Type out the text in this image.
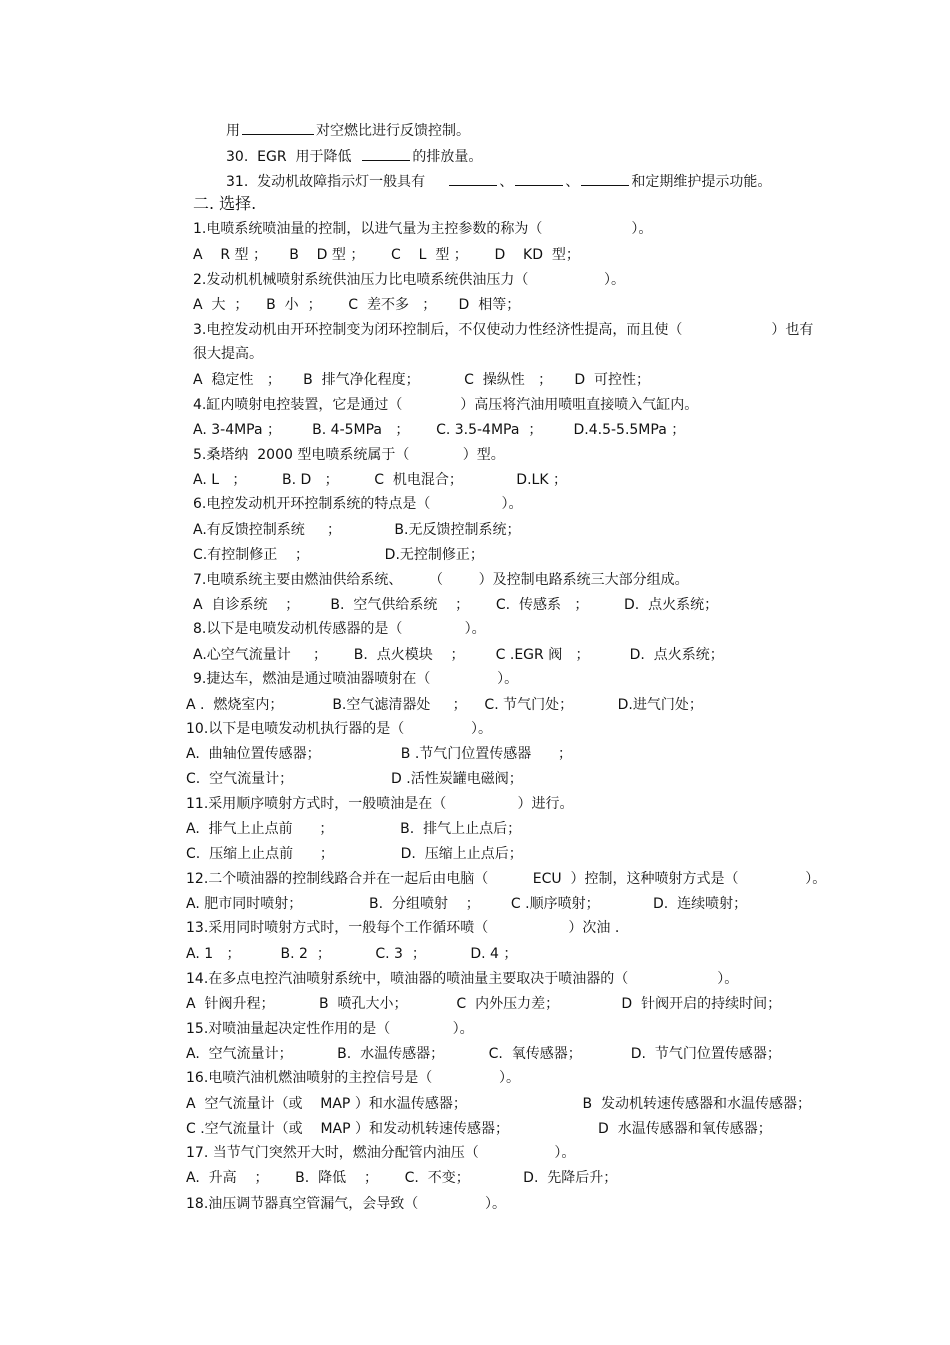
用	对空燃比进行反馈控制。
30.  EGR  用于降低	的排放量。
31.  发动机故障指示灯一般具有	、	、	和定期维护提示功能。
二. 选择.
1.电喷系统喷油量的控制，以进气量为主控参数的称为（                    ）。
A    R 型 ；     B    D 型 ；      C    L  型 ；      D    KD  型；
2.发动机机械喷射系统供油压力比电喷系统供油压力（                 ）。
A  大  ；    B  小  ；      C  差不多   ；     D  相等；
3.电控发动机由开环控制变为闭环控制后，不仅使动力性经济性提高，而且使（                    ）也有
很大提高。
A  稳定性   ；     B  排气净化程度；          C  操纵性   ；     D  可控性；
4.缸内喷射电控装置，它是通过（             ）高压将汽油用喷咀直接喷入气缸内。
A. 3-4MPa ；       B. 4-5MPa   ；      C. 3.5-4MPa  ；       D.4.5-5.5MPa ；
5.桑塔纳  2000 型电喷系统属于（            ）型。
A. L   ；        B. D   ；        C  机电混合；            D.LK ；
6.电控发动机开环控制系统的特点是（                ）。
A.有反馈控制系统     ；            B.无反馈控制系统；
C.有控制修正    ；                 D.无控制修正；
7.电喷系统主要由燃油供给系统、      （        ）及控制电路系统三大部分组成。
A  自诊系统    ；       B.  空气供给系统    ；      C.  传感系   ；        D.  点火系统；
8.以下是电喷发动机传感器的是（              ）。
A.心空气流量计     ；      B.  点火模块    ；       C .EGR 阀   ；         D.  点火系统；
9.捷达车，燃油是通过喷油器喷射在（               ）。
A .  燃烧室内；           B.空气滤清器处     ；    C. 节气门处；          D.进气门处；
10.以下是电喷发动机执行器的是（               ）。
A.  曲轴位置传感器；                  B .节气门位置传感器      ；
C.  空气流量计；                      D .活性炭罐电磁阀；
11.采用顺序喷射方式时，一般喷油是在（                ）进行。
A.  排气上止点前      ；               B.  排气上止点后；
C.  压缩上止点前      ；               D.  压缩上止点后；
12.二个喷油器的控制线路合并在一起后由电脑（          ECU  ）控制，这种喷射方式是（               ）。
A. 肥市同时喷射；               B.  分组喷射    ；       C .顺序喷射；            D.  连续喷射；
13.采用同时喷射方式时，一般每个工作循环喷（                  ）次油 .
A. 1   ；         B. 2  ；          C. 3  ；          D. 4 ；
14.在多点电控汽油喷射系统中，喷油器的喷油量主要取决于喷油器的（                    ）。
A  针阀升程；          B  喷孔大小；           C  内外压力差；              D  针阀开启的持续时间；
15.对喷油量起决定性作用的是（              ）。
A.  空气流量计；          B.  水温传感器；          C.  氧传感器；           D.  节气门位置传感器；
16.电喷汽油机燃油喷射的主控信号是（               ）。
A  空气流量计（或    MAP ）和水温传感器；                          B  发动机转速传感器和水温传感器；
C .空气流量计（或    MAP ）和发动机转速传感器；                    D  水温传感器和氧传感器；
17. 当节气门突然开大时，燃油分配管内油压（                 ）。
A.  升高    ；      B.  降低    ；      C.  不变；            D.  先降后升；
18.油压调节器真空管漏气，会导致（               ）。
